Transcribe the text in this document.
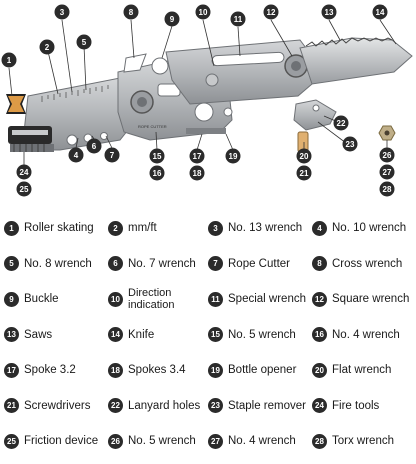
ROPE CUTTER
1
2
3
4
5
6
7
8
9
10
11
12	13	14
15
16
17
18
19	20
21
22
23
24
25
26
27
28
1 Roller skating	2 mm/ft	3 No. 13 wrench	4 No. 10 wrench
5 No. 8 wrench	6 No. 7 wrench	7 Rope Cutter	8 Cross wrench
9 Buckle	10 Direction indication	11 Special wrench	12 Square wrench
13 Saws	14 Knife	15 No. 5 wrench	16 No. 4 wrench
17 Spoke 3.2	18 Spokes 3.4	19 Bottle opener	20 Flat wrench
21 Screwdrivers	22 Lanyard holes	23 Staple remover	24 Fire tools
25 Friction device	26 No. 5 wrench	27 No. 4 wrench	28 Torx wrench
